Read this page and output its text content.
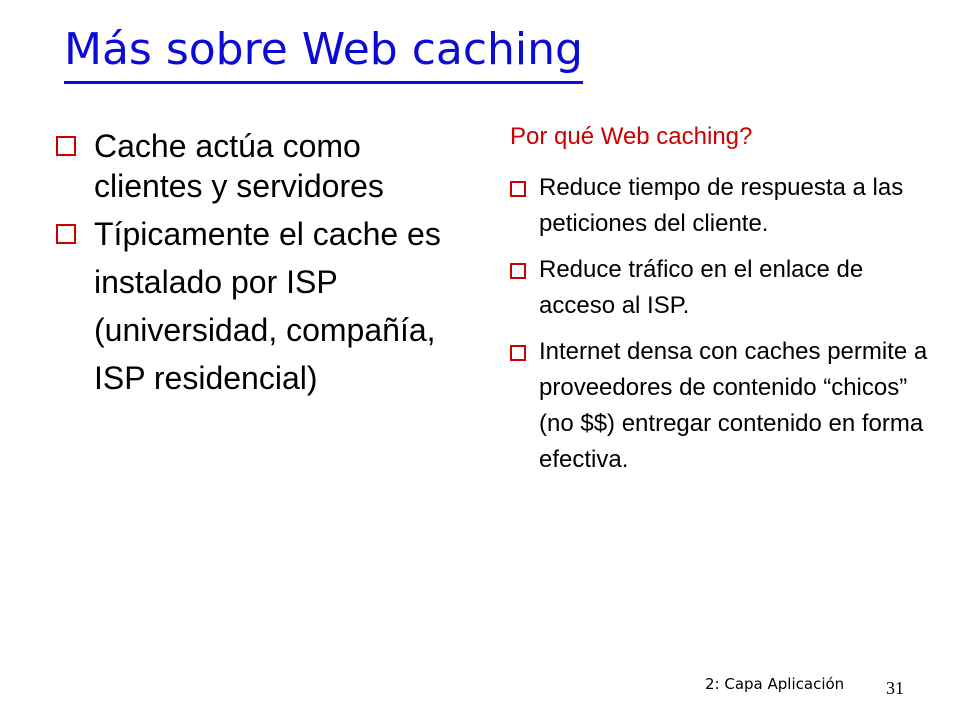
Más sobre Web caching
Cache actúa como clientes y servidores
Típicamente el cache es instalado por ISP (universidad, compañía, ISP residencial)
Por qué Web caching?
Reduce tiempo de respuesta a las peticiones del cliente.
Reduce tráfico en el enlace de acceso al ISP.
Internet densa con caches permite a proveedores de contenido “chicos” (no $$) entregar contenido en forma efectiva.
2: Capa Aplicación 31
